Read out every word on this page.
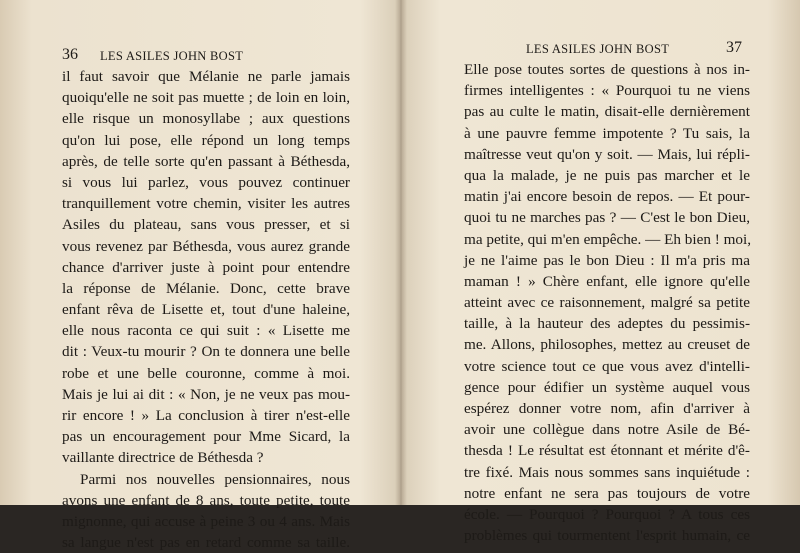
36 LES ASILES JOHN BOST
il faut savoir que Mélanie ne parle jamais
quoiqu'elle ne soit pas muette ; de loin en loin,
elle risque un monosyllabe ; aux questions
qu'on lui pose, elle répond un long temps
après, de telle sorte qu'en passant à Béthesda,
si vous lui parlez, vous pouvez continuer
tranquillement votre chemin, visiter les autres
Asiles du plateau, sans vous presser, et si
vous revenez par Béthesda, vous aurez grande
chance d'arriver juste à point pour entendre
la réponse de Mélanie. Donc, cette brave
enfant rêva de Lisette et, tout d'une haleine,
elle nous raconta ce qui suit : « Lisette me
dit : Veux-tu mourir ? On te donnera une belle
robe et une belle couronne, comme à moi.
Mais je lui ai dit : « Non, je ne veux pas mou-
rir encore ! » La conclusion à tirer n'est-elle
pas un encouragement pour Mme Sicard, la
vaillante directrice de Béthesda ?
Parmi nos nouvelles pensionnaires, nous
avons une enfant de 8 ans, toute petite, toute
mignonne, qui accuse à peine 3 ou 4 ans. Mais
sa langue n'est pas en retard comme sa taille.
LES ASILES JOHN BOST	37
Elle pose toutes sortes de questions à nos in-
firmes intelligentes : « Pourquoi tu ne viens
pas au culte le matin, disait-elle dernièrement
à une pauvre femme impotente ? Tu sais, la
maîtresse veut qu'on y soit. — Mais, lui répli-
qua la malade, je ne puis pas marcher et le
matin j'ai encore besoin de repos. — Et pour-
quoi tu ne marches pas ? — C'est le bon Dieu,
ma petite, qui m'en empêche. — Eh bien ! moi,
je ne l'aime pas le bon Dieu : Il m'a pris ma
maman ! » Chère enfant, elle ignore qu'elle
atteint avec ce raisonnement, malgré sa petite
taille, à la hauteur des adeptes du pessimis-
me. Allons, philosophes, mettez au creuset de
votre science tout ce que vous avez d'intelli-
gence pour édifier un système auquel vous
espérez donner votre nom, afin d'arriver à
avoir une collègue dans notre Asile de Bé-
thesda ! Le résultat est étonnant et mérite d'ê-
tre fixé. Mais nous sommes sans inquiétude :
notre enfant ne sera pas toujours de votre
école. — Pourquoi ? Pourquoi ? A tous ces
problèmes qui tourmentent l'esprit humain, ce
